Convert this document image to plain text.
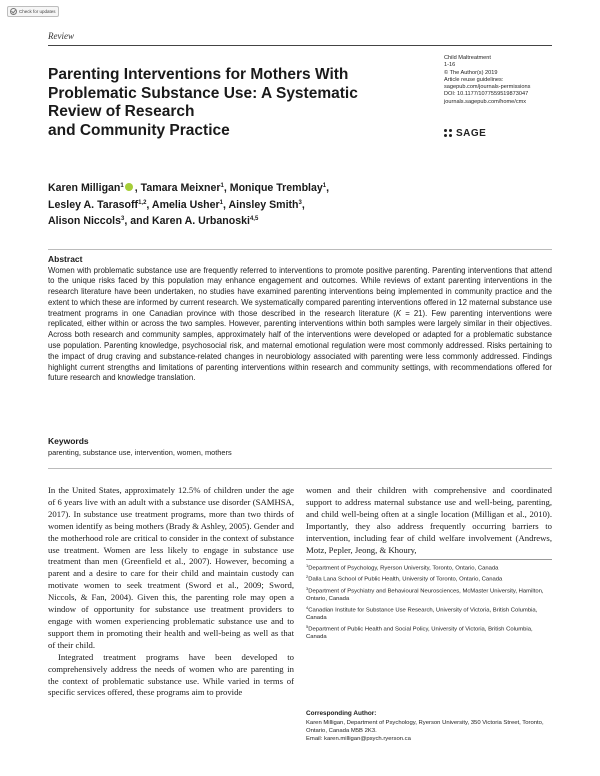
Check for updates
Review
Child Maltreatment
1-16
© The Author(s) 2019
Article reuse guidelines:
sagepub.com/journals-permissions
DOI: 10.1177/1077559519873047
journals.sagepub.com/home/cmx
SAGE
Parenting Interventions for Mothers With
Problematic Substance Use: A Systematic
Review of Research
and Community Practice
Karen Milligan$^1$ , Tamara Meixner$^1$, Monique Tremblay$^1$,
Lesley A. Tarasoff$^{1,2}$, Amelia Usher$^1$, Ainsley Smith$^3$,
Alison Niccols$^3$, and Karen A. Urbanoski$^{4,5}$
Abstract
Women with problematic substance use are frequently referred to interventions to promote positive parenting. Parenting interventions that attend to the unique risks faced by this population may enhance engagement and outcomes. While reviews of extant parenting interventions in the research literature have been undertaken, no studies have examined parenting interventions being implemented in community practice and the extent to which these are informed by current research. We systematically compared parenting interventions offered in 12 maternal substance use treatment programs in one Canadian province with those described in the research literature (K = 21). Few parenting interventions were replicated, either within or across the two samples. However, parenting interventions within both samples were largely similar in their objectives. Across both research and community samples, approximately half of the interventions were developed or adapted for a problematic substance use population. Parenting knowledge, psychosocial risk, and maternal emotional regulation were most commonly addressed. Risks pertaining to the impact of drug craving and substance-related changes in neurobiology associated with parenting were less commonly addressed. Findings highlight current strengths and limitations of parenting interventions within research and community settings, with recommendations offered for future research and knowledge translation.
Keywords
parenting, substance use, intervention, women, mothers

In the United States, approximately 12.5% of children under the age of 6 years live with an adult with a substance use disorder (SAMHSA, 2017). In substance use treatment programs, more than two thirds of women identify as being mothers (Brady & Ashley, 2005). Gender and the motherhood role are critical to consider in the context of substance use treatment. Women are less likely to engage in substance use treatment than men (Greenfield et al., 2007). However, becoming a parent and a desire to care for their child and maintain custody can motivate women to seek treatment (Sword et al., 2009; Sword, Niccols, & Fan, 2004). Given this, the parenting role may open a window of opportunity for substance use treatment providers to engage with women experiencing problematic substance use and to support them in promoting their health and well-being as well as that of their child.

Integrated treatment programs have been developed to comprehensively address the needs of women who are parenting in the context of problematic substance use. While varied in terms of specific services offered, these programs aim to provide

women and their children with comprehensive and coordinated support to address maternal substance use and well-being, parenting, and child well-being often at a single location (Milligan et al., 2010). Importantly, they also address frequently occurring barriers to intervention, including fear of child welfare involvement (Andrews, Motz, Pepler, Jeong, & Khoury,

$^1$Department of Psychology, Ryerson University, Toronto, Ontario, Canada
$^2$Dalla Lana School of Public Health, University of Toronto, Ontario, Canada
$^3$Department of Psychiatry and Behavioural Neurosciences, McMaster University, Hamilton, Ontario, Canada
$^4$Canadian Institute for Substance Use Research, University of Victoria, British Columbia, Canada
$^5$Department of Public Health and Social Policy, University of Victoria, British Columbia, Canada
Corresponding Author:
Karen Milligan, Department of Psychology, Ryerson University, 350 Victoria Street, Toronto, Ontario, Canada M5B 2K3.
Email: karen.milligan@psych.ryerson.ca
